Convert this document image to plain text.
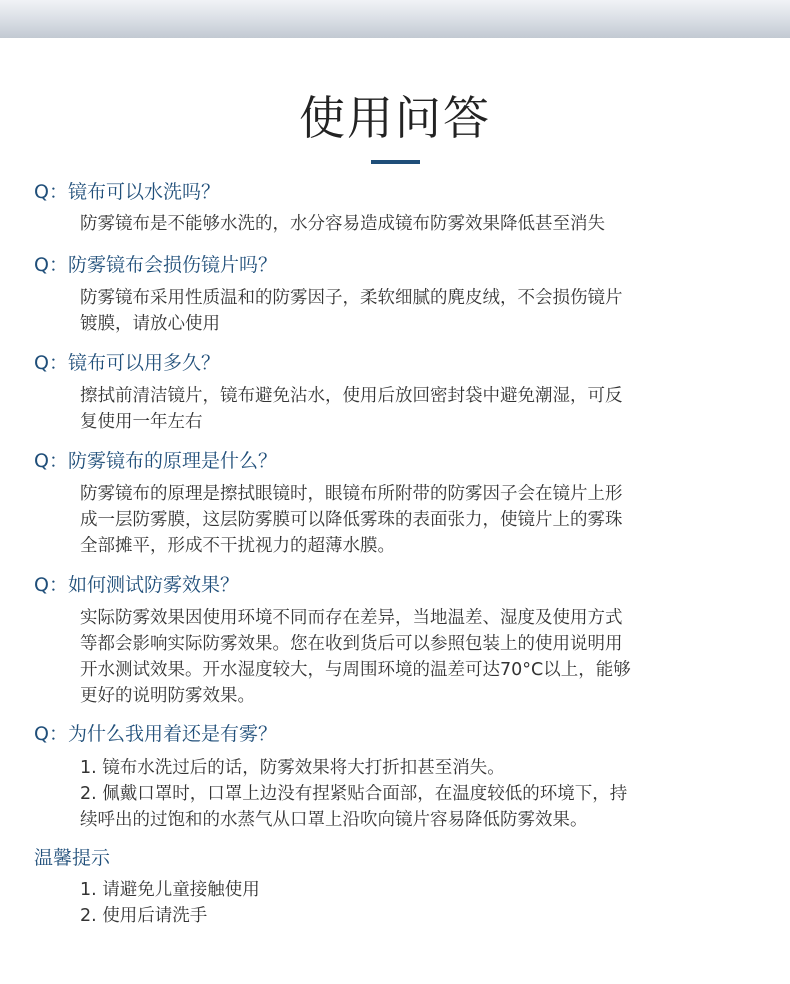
使用问答
Q：镜布可以水洗吗？
防雾镜布是不能够水洗的，水分容易造成镜布防雾效果降低甚至消失
Q：防雾镜布会损伤镜片吗？
防雾镜布采用性质温和的防雾因子，柔软细腻的麂皮绒，不会损伤镜片
镀膜，请放心使用
Q：镜布可以用多久？
擦拭前清洁镜片，镜布避免沾水，使用后放回密封袋中避免潮湿，可反
复使用一年左右
Q：防雾镜布的原理是什么？
防雾镜布的原理是擦拭眼镜时，眼镜布所附带的防雾因子会在镜片上形
成一层防雾膜，这层防雾膜可以降低雾珠的表面张力，使镜片上的雾珠
全部摊平，形成不干扰视力的超薄水膜。
Q：如何测试防雾效果？
实际防雾效果因使用环境不同而存在差异，当地温差、湿度及使用方式
等都会影响实际防雾效果。您在收到货后可以参照包装上的使用说明用
开水测试效果。开水湿度较大，与周围环境的温差可达70°C以上，能够
更好的说明防雾效果。
Q：为什么我用着还是有雾？
1. 镜布水洗过后的话，防雾效果将大打折扣甚至消失。
2. 佩戴口罩时，口罩上边没有捏紧贴合面部，在温度较低的环境下，持
续呼出的过饱和的水蒸气从口罩上沿吹向镜片容易降低防雾效果。
温馨提示
1. 请避免儿童接触使用
2. 使用后请洗手
